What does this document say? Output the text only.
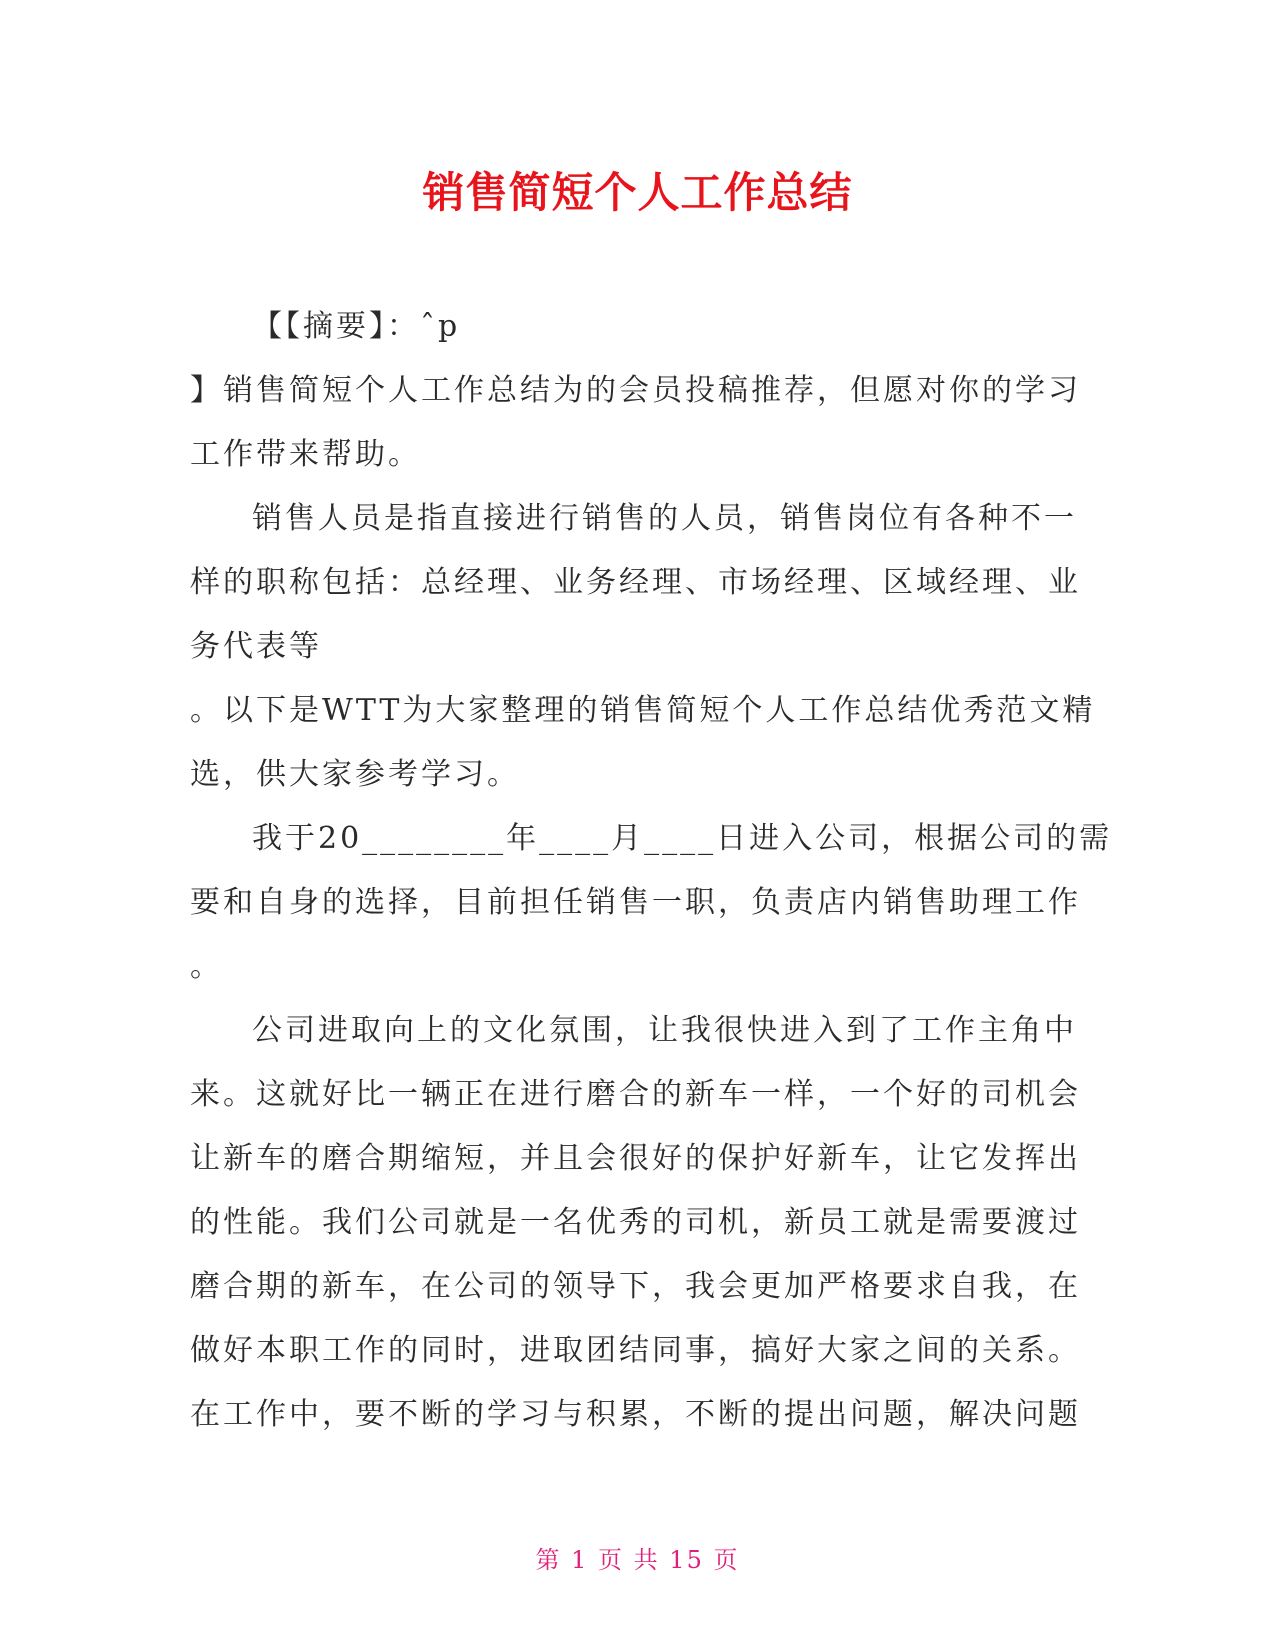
销售简短个人工作总结
【【摘要】：ˆp
】销售简短个人工作总结为的会员投稿推荐，但愿对你的学习
工作带来帮助。
销售人员是指直接进行销售的人员，销售岗位有各种不一
样的职称包括：总经理、业务经理、市场经理、区域经理、业
务代表等
。以下是WTT为大家整理的销售简短个人工作总结优秀范文精
选，供大家参考学习。
我于20________年____月____日进入公司，根据公司的需
要和自身的选择，目前担任销售一职，负责店内销售助理工作
。
公司进取向上的文化氛围，让我很快进入到了工作主角中
来。这就好比一辆正在进行磨合的新车一样，一个好的司机会
让新车的磨合期缩短，并且会很好的保护好新车，让它发挥出
的性能。我们公司就是一名优秀的司机，新员工就是需要渡过
磨合期的新车，在公司的领导下，我会更加严格要求自我，在
做好本职工作的同时，进取团结同事，搞好大家之间的关系。
在工作中，要不断的学习与积累，不断的提出问题，解决问题
第 1 页 共 15 页
